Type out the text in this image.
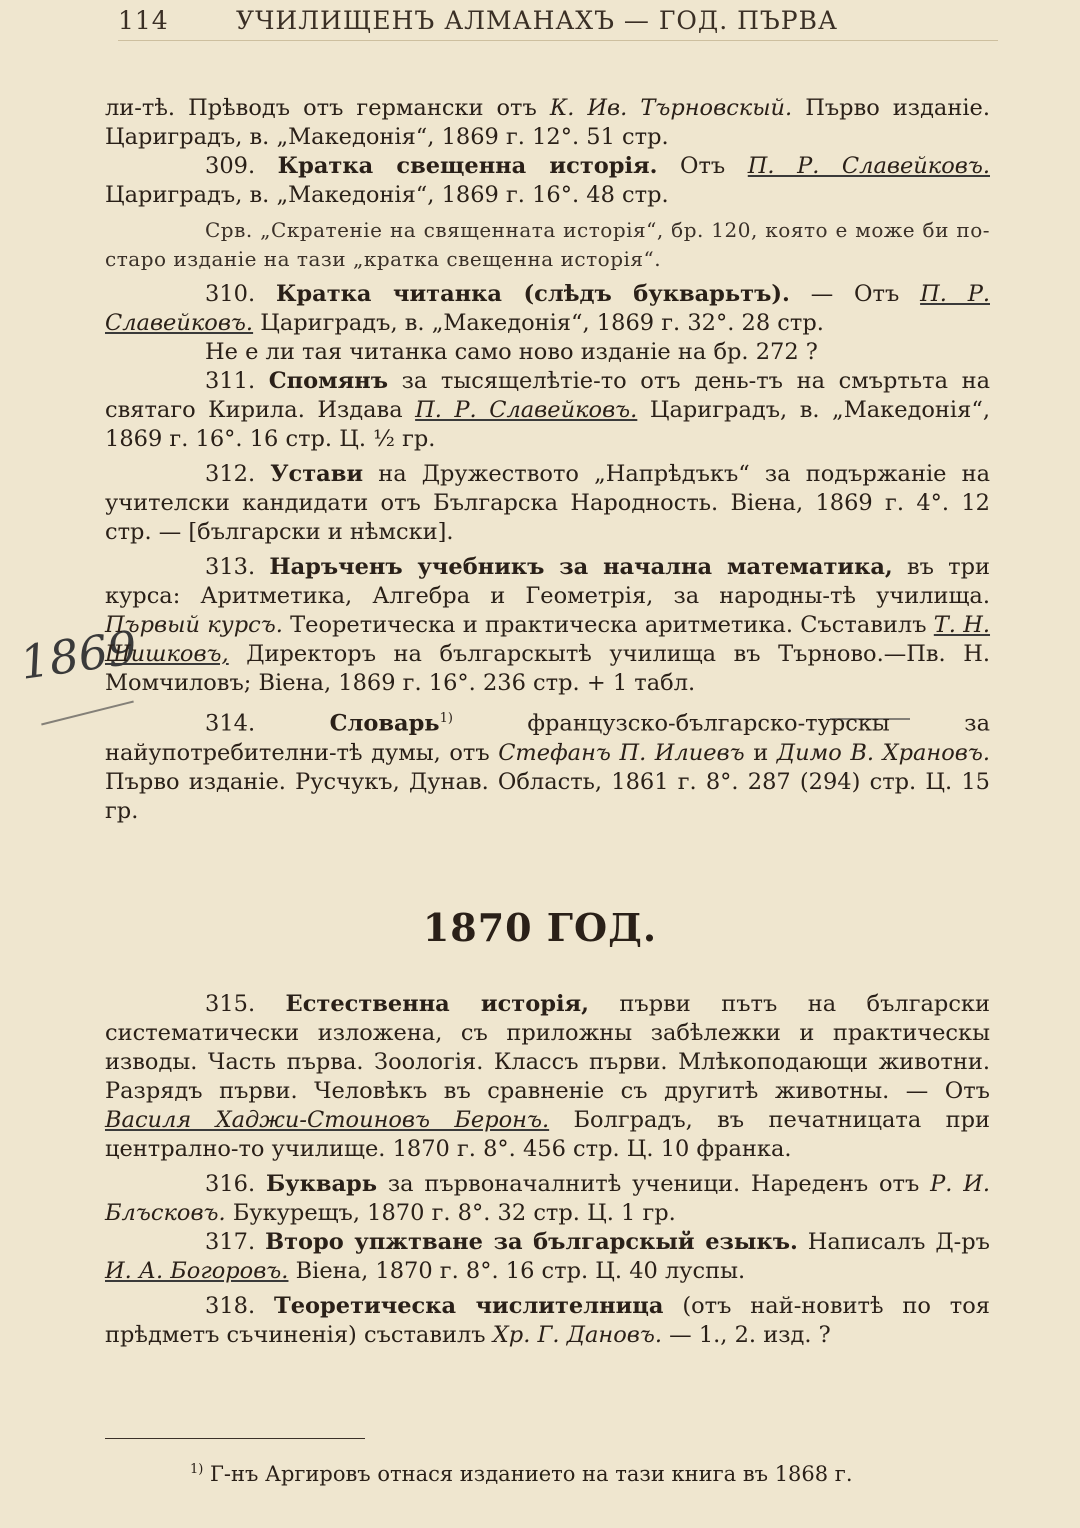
114	УЧИЛИЩЕНЪ АЛМАНАХЪ — ГОД. ПЪРВА
1869

ли-тѣ. Прѣводъ отъ германски отъ К. Ив. Търновскый. Първо изданіе. Цариградъ, в. „Македонія“, 1869 г. 12°. 51 стр.

309. Кратка свещенна исторія. Отъ П. Р. Славейковъ. Цариградъ, в. „Македонія“, 1869 г. 16°. 48 стр.

Срв. „Скратеніе на священната исторія“, бр. 120, която е може би по-старо изданіе на тази „кратка свещенна исторія“.

310. Кратка читанка (слѣдъ букварьтъ). — Отъ П. Р. Славейковъ. Цариградъ, в. „Македонія“, 1869 г. 32°. 28 стр.

Не е ли тая читанка само ново изданіе на бр. 272 ?

311. Спомянъ за тысящелѣтіе-то отъ день-тъ на смъртьта на святаго Кирила. Издава П. Р. Славейковъ. Цариградъ, в. „Македонія“, 1869 г. 16°. 16 стр. Ц. ½ гр.

312. Устави на Дружеството „Напрѣдъкъ“ за подържаніе на учителски кандидати отъ Българска Народность. Віена, 1869 г. 4°. 12 стр. — [български и нѣмски].

313. Наръченъ учебникъ за начална математика, въ три курса: Аритметика, Алгебра и Геометрія, за народны-тѣ училища. Първый курсъ. Теоретическа и практическа аритметика. Съставилъ Т. Н. Шишковъ, Директоръ на българскытѣ училища въ Търново.—Пв. Н. Момчиловъ; Віена, 1869 г. 16°. 236 стр. + 1 табл.

314.	Словарь$^{1)}$ французско-българско-турскы за найупотребителни-тѣ думы, отъ Стефанъ П. Илиевъ и Димо В. Храновъ. Първо изданіе. Русчукъ, Дунав. Область, 1861 г. 8°. 287 (294) стр. Ц. 15 гр.

1870 ГОД.

315. Естественна исторія, първи пътъ на български систематически изложена, съ приложны забѣлежки и практическы изводы. Часть първа. Зоологія. Классъ първи. Млѣкоподающи животни. Разрядъ първи. Человѣкъ въ сравненіе съ другитѣ животны. — Отъ Василя Хаджи-Стоиновъ Беронъ. Болградъ, въ печатницата при централно-то училище. 1870 г. 8°. 456 стр. Ц. 10 франка.

316. Букварь за първоначалнитѣ ученици. Нареденъ отъ Р. И. Блъсковъ. Букурещъ, 1870 г. 8°. 32 стр. Ц. 1 гр.

317. Второ упжтване за българскый езыкъ. Написалъ Д-ръ И. А. Богоровъ. Віена, 1870 г. 8°. 16 стр. Ц. 40 луспы.

318. Теоретическа числителница (отъ най-новитѣ по тоя прѣдметъ съчиненія) съставилъ Хр. Г. Дановъ. — 1., 2. изд. ?

$^{1)}$ Г-нъ Аргировъ отнася изданието на тази книга въ 1868 г.
